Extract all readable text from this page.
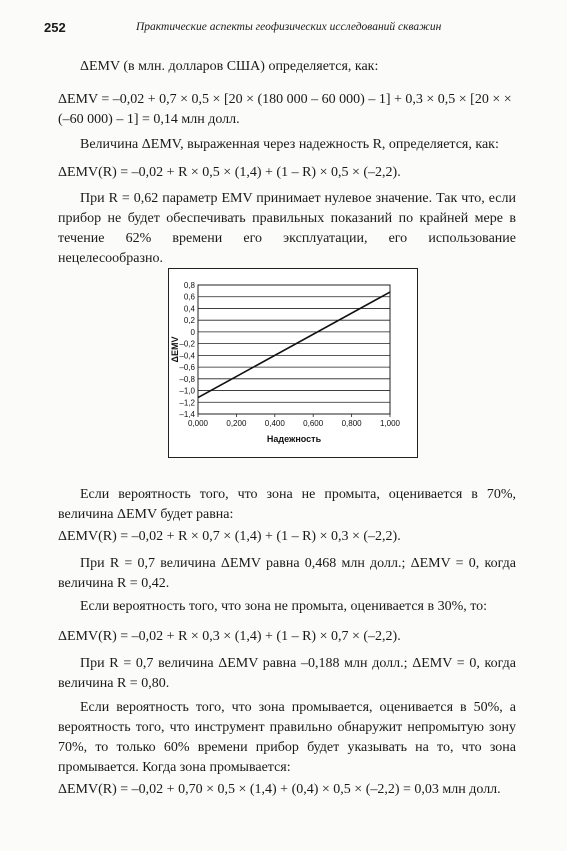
252	Практические аспекты геофизических исследований скважин
ΔEMV (в млн. долларов США) определяется, как:
ΔEMV = –0,02 + 0,7 × 0,5 × [20 × (180 000 – 60 000) – 1] + 0,3 × 0,5 × [20 × × (–60 000) – 1] = 0,14 млн долл.
Величина ΔEMV, выраженная через надежность R, определяется, как:
ΔEMV(R) = –0,02 + R × 0,5 × (1,4) + (1 – R) × 0,5 × (–2,2).
При R = 0,62 параметр EMV принимает нулевое значение. Так что, если прибор не будет обеспечивать правильных показаний по крайней мере в течение 62% времени его эксплуатации, его использование нецелесообразно.
0,8
0,6
0,4
0,2
0
–0,2
–0,4
–0,6
–0,8
–1,0
–1,2
–1,4
0,000 0,200 0,400 0,600 0,800 1,000
Надежность
ΔEMV
Если вероятность того, что зона не промыта, оценивается в 70%, величина ΔEMV будет равна:
ΔEMV(R) = –0,02 + R × 0,7 × (1,4) + (1 – R) × 0,3 × (–2,2).
При R = 0,7 величина ΔEMV равна 0,468 млн долл.; ΔEMV = 0, когда величина R = 0,42.
Если вероятность того, что зона не промыта, оценивается в 30%, то:
ΔEMV(R) = –0,02 + R × 0,3 × (1,4) + (1 – R) × 0,7 × (–2,2).
При R = 0,7 величина ΔEMV равна –0,188 млн долл.; ΔEMV = 0, когда величина R = 0,80.
Если вероятность того, что зона промывается, оценивается в 50%, а вероятность того, что инструмент правильно обнаружит непромытую зону 70%, то только 60% времени прибор будет указывать на то, что зона промывается. Когда зона промывается:
ΔEMV(R) = –0,02 + 0,70 × 0,5 × (1,4) + (0,4) × 0,5 × (–2,2) = 0,03 млн долл.
